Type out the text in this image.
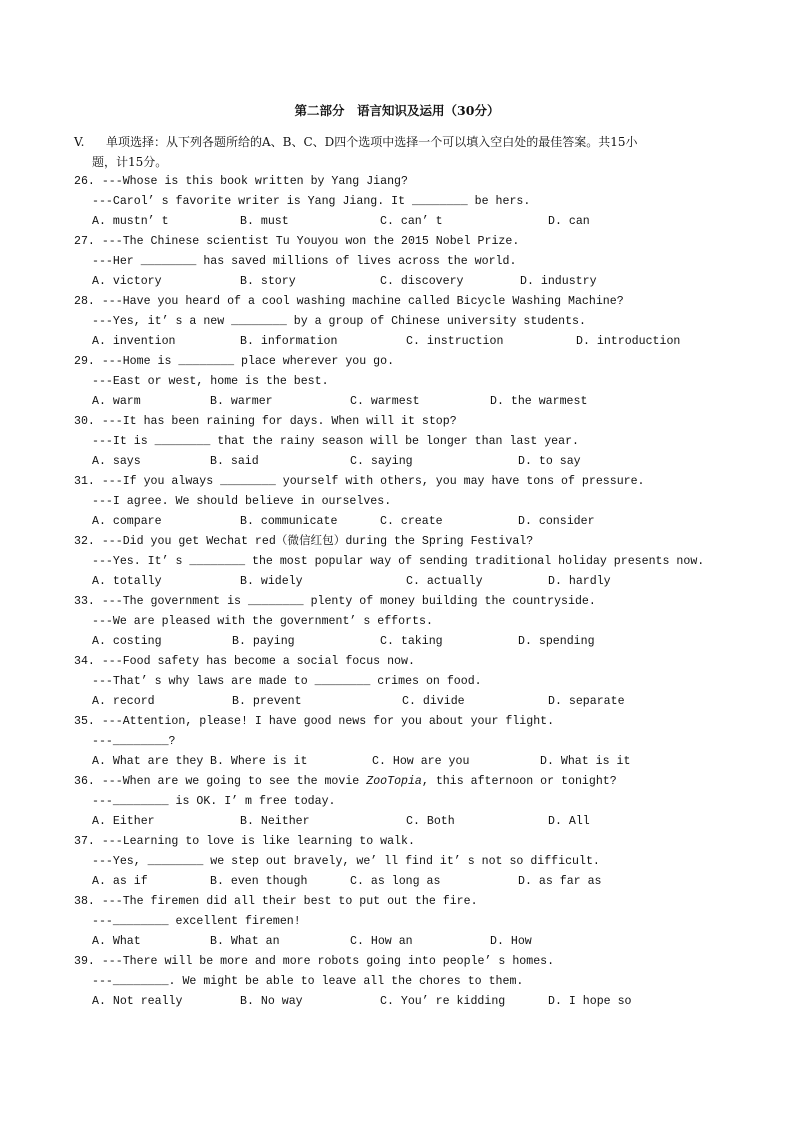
第二部分　语言知识及运用（30分）
V. 单项选择：从下列各题所给的A、B、C、D四个选项中选择一个可以填入空白处的最佳答案。共15小
题，计15分。
26. ---Whose is this book written by Yang Jiang?
---Carol’ s favorite writer is Yang Jiang. It ________ be hers.
A. mustn’ t	B. must	C. can’ t	D. can
27. ---The Chinese scientist Tu Youyou won the 2015 Nobel Prize.
---Her ________ has saved millions of lives across the world.
A. victory	B. story	C. discovery	D. industry
28. ---Have you heard of a cool washing machine called Bicycle Washing Machine?
---Yes, it’ s a new ________ by a group of Chinese university students.
A. invention	B. information	C. instruction	D. introduction
29. ---Home is ________ place wherever you go.
---East or west, home is the best.
A. warm	B. warmer	C. warmest	D. the warmest
30. ---It has been raining for days. When will it stop?
---It is ________ that the rainy season will be longer than last year.
A. says	B. said	C. saying	D. to say
31. ---If you always ________ yourself with others, you may have tons of pressure.
---I agree. We should believe in ourselves.
A. compare	B. communicate	C. create	D. consider
32. ---Did you get Wechat red（微信红包）during the Spring Festival?
---Yes. It’ s ________ the most popular way of sending traditional holiday presents now.
A. totally	B. widely	C. actually	D. hardly
33. ---The government is ________ plenty of money building the countryside.
---We are pleased with the government’ s efforts.
A. costing	B. paying	C. taking	D. spending
34. ---Food safety has become a social focus now.
---That’ s why laws are made to ________ crimes on food.
A. record	B. prevent	C. divide	D. separate
35. ---Attention, please! I have good news for you about your flight.
---________?
A. What are they B. Where is it	C. How are you	D. What is it
36. ---When are we going to see the movie ZooTopia, this afternoon or tonight?
---________ is OK. I’ m free today.
A. Either	B. Neither	C. Both	D. All
37. ---Learning to love is like learning to walk.
---Yes, ________ we step out bravely, we’ ll find it’ s not so difficult.
A. as if	B. even though	C. as long as	D. as far as
38. ---The firemen did all their best to put out the fire.
---________ excellent firemen!
A. What	B. What an	C. How an	D. How
39. ---There will be more and more robots going into people’ s homes.
---________. We might be able to leave all the chores to them.
A. Not really	B. No way	C. You’ re kidding	D. I hope so
